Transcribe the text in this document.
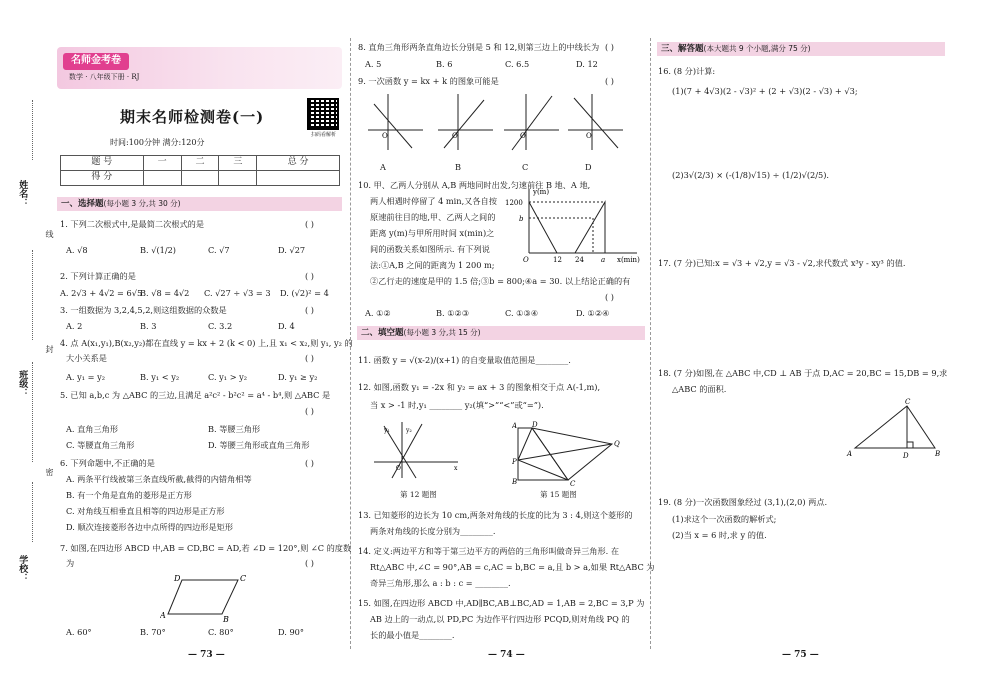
姓名：
线
班级：
封
密
学校：
名师金考卷
数学 · 八年级下册 · RJ
扫码看解析
期末名师检测卷(一)
时间:100分钟 满分:120分
题 号	一	二	三	总 分
得 分				
一、选择题(每小题 3 分,共 30 分)
1. 下列二次根式中,是最简二次根式的是	( )
A. √8	B. √(1/2)	C. √7	D. √27
2. 下列计算正确的是	( )
A. 2√3 + 4√2 = 6√5
B. √8 = 4√2 C. √27 ÷ √3 = 3 D. (√2)² = 4
3. 一组数据为 3,2,4,5,2,则这组数据的众数是	( )
A. 2	B. 3	C. 3.2	D. 4
4. 点 A(x₁,y₁),B(x₂,y₂)都在直线 y = kx + 2 (k < 0) 上,且 x₁ < x₂,则 y₁, y₂ 的
大小关系是	( )
A. y₁ = y₂	B. y₁ < y₂	C. y₁ > y₂	D. y₁ ≥ y₂
5. 已知 a,b,c 为 △ABC 的三边,且满足 a²c² - b²c² = a⁴ - b⁴,则 △ABC 是
( )
A. 直角三角形	B. 等腰三角形
C. 等腰直角三角形	D. 等腰三角形或直角三角形
6. 下列命题中,不正确的是	( )
A. 两条平行线被第三条直线所截,截得的内错角相等
B. 有一个角是直角的菱形是正方形
C. 对角线互相垂直且相等的四边形是正方形
D. 顺次连接菱形各边中点所得的四边形是矩形
7. 如图,在四边形 ABCD 中,AB = CD,BC = AD,若 ∠D = 120°,则 ∠C 的度数
为	( )
D	C
A	B
A. 60°	B. 70°	C. 80°	D. 90°
— 73 —
8. 直角三角形两条直角边长分别是 5 和 12,则第三边上的中线长为 ( )
A. 5	B. 6	C. 6.5	D. 12
9. 一次函数 y = kx + k 的图象可能是	( )
O	O	O	O
A	B	C	D
10. 甲、乙两人分别从 A,B 两地同时出发,匀速前往 B 地、A 地,
两人相遇时停留了 4 min,又各自按
原速前往目的地,甲、乙两人之间的
距离 y(m)与甲所用时间 x(min)之
间的函数关系如图所示. 有下列说
法:①A,B 之间的距离为 1 200 m;
②乙行走的速度是甲的 1.5 倍;③b = 800;④a = 30. 以上结论正确的有
y(m)
x(min)
1200
b
O	12 24 a
( )
A. ①②	B. ①②③	C. ①③④	D. ①②④
二、填空题(每小题 3 分,共 15 分)
11. 函数 y = √(x-2)/(x+1) 的自变量取值范围是________.
12. 如图,函数 y₁ = -2x 和 y₂ = ax + 3 的图象相交于点 A(-1,m),
当 x > -1 时,y₁ ________ y₂(填“>”“<”或“=”).
y₂
y₁
O	x
第 12 题图
A D
Q
P
B	C
第 15 题图
13. 已知菱形的边长为 10 cm,两条对角线的长度的比为 3 : 4,则这个菱形的
两条对角线的长度分别为________.
14. 定义:两边平方和等于第三边平方的两倍的三角形叫做奇异三角形. 在
Rt△ABC 中,∠C = 90°,AB = c,AC = b,BC = a,且 b > a,如果 Rt△ABC 为
奇异三角形,那么 a : b : c = ________.
15. 如图,在四边形 ABCD 中,AD∥BC,AB⊥BC,AD = 1,AB = 2,BC = 3,P 为
AB 边上的一动点,以 PD,PC 为边作平行四边形 PCQD,则对角线 PQ 的
长的最小值是________.
— 74 —
三、解答题(本大题共 9 个小题,满分 75 分)
16. (8 分)计算:
(1)(7 + 4√3)(2 - √3)² + (2 + √3)(2 - √3) + √3;
(2)3√(2/3) × (-(1/8)√15) ÷ (1/2)√(2/5).
17. (7 分)已知:x = √3 + √2,y = √3 - √2,求代数式 x³y - xy³ 的值.
18. (7 分)如图,在 △ABC 中,CD ⊥ AB 于点 D,AC = 20,BC = 15,DB = 9,求
△ABC 的面积.
C
A	D	B
19. (8 分)一次函数图象经过 (3,1),(2,0) 两点.
(1)求这个一次函数的解析式;
(2)当 x = 6 时,求 y 的值.
— 75 —
